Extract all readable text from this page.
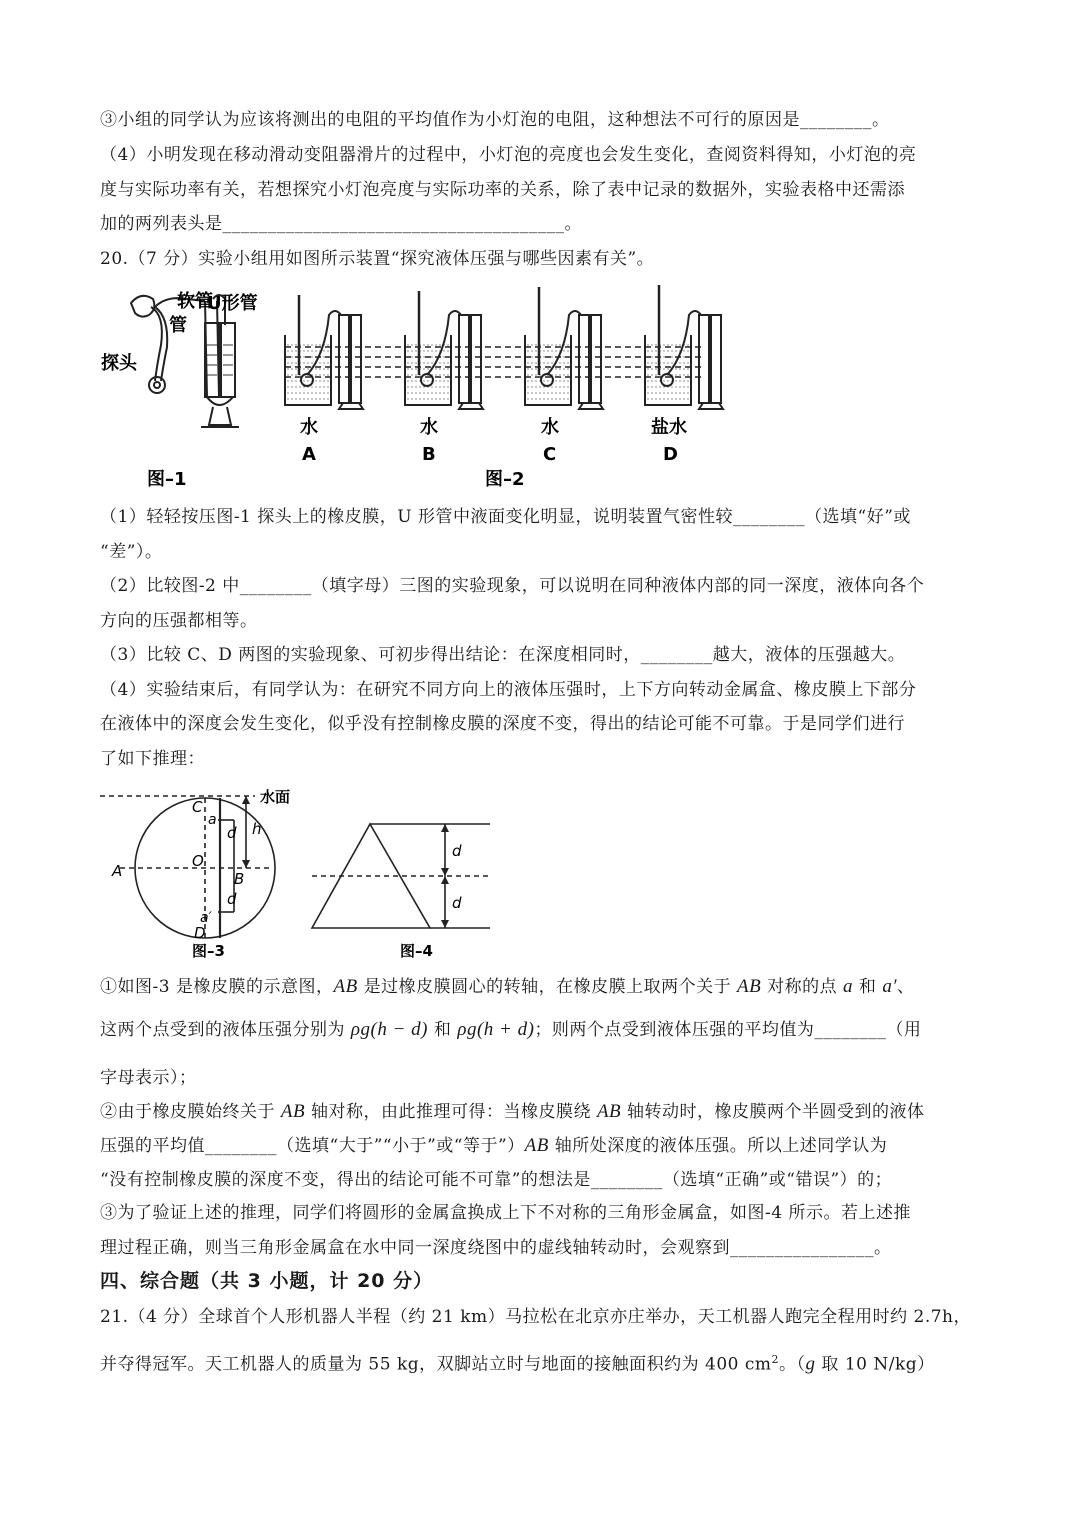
③小组的同学认为应该将测出的电阻的平均值作为小灯泡的电阻，这种想法不可行的原因是________。
（4）小明发现在移动滑动变阻器滑片的过程中，小灯泡的亮度也会发生变化，查阅资料得知，小灯泡的亮
度与实际功率有关，若想探究小灯泡亮度与实际功率的关系，除了表中记录的数据外，实验表格中还需添
加的两列表头是______________________________________。
20.（7 分）实验小组用如图所示装置“探究液体压强与哪些因素有关”。
软管
管
U形管
探头
图–1
水	水	水	盐水
A	B	C	D
图–2
（1）轻轻按压图-1 探头上的橡皮膜，U 形管中液面变化明显，说明装置气密性较________（选填“好”或
“差”）。
（2）比较图-2 中________（填字母）三图的实验现象，可以说明在同种液体内部的同一深度，液体向各个
方向的压强都相等。
（3）比较 C、D 两图的实验现象、可初步得出结论：在深度相同时，________越大，液体的压强越大。
（4）实验结束后，有同学认为：在研究不同方向上的液体压强时，上下方向转动金属盒、橡皮膜上下部分
在液体中的深度会发生变化，似乎没有控制橡皮膜的深度不变，得出的结论可能不可靠。于是同学们进行
了如下推理：
水面
C
a
d h
O
A	B
a′
d
D
图–3
d
d
图–4
①如图-3 是橡皮膜的示意图，AB 是过橡皮膜圆心的转轴，在橡皮膜上取两个关于 AB 对称的点 a 和 a′、
这两个点受到的液体压强分别为 ρg(h − d) 和 ρg(h + d)；则两个点受到液体压强的平均值为________（用
字母表示）；
②由于橡皮膜始终关于 AB 轴对称，由此推理可得：当橡皮膜绕 AB 轴转动时，橡皮膜两个半圆受到的液体
压强的平均值________（选填“大于”“小于”或“等于”）AB 轴所处深度的液体压强。所以上述同学认为
“没有控制橡皮膜的深度不变，得出的结论可能不可靠”的想法是________（选填“正确”或“错误”）的；
③为了验证上述的推理，同学们将圆形的金属盒换成上下不对称的三角形金属盒，如图-4 所示。若上述推
理过程正确，则当三角形金属盒在水中同一深度绕图中的虚线轴转动时，会观察到________________。
四、综合题（共 3 小题，计 20 分）
21.（4 分）全球首个人形机器人半程（约 21 km）马拉松在北京亦庄举办，天工机器人跑完全程用时约 2.7h，
并夺得冠军。天工机器人的质量为 55 kg，双脚站立时与地面的接触面积约为 400 $cm^2$。（g 取 10 N/kg）
